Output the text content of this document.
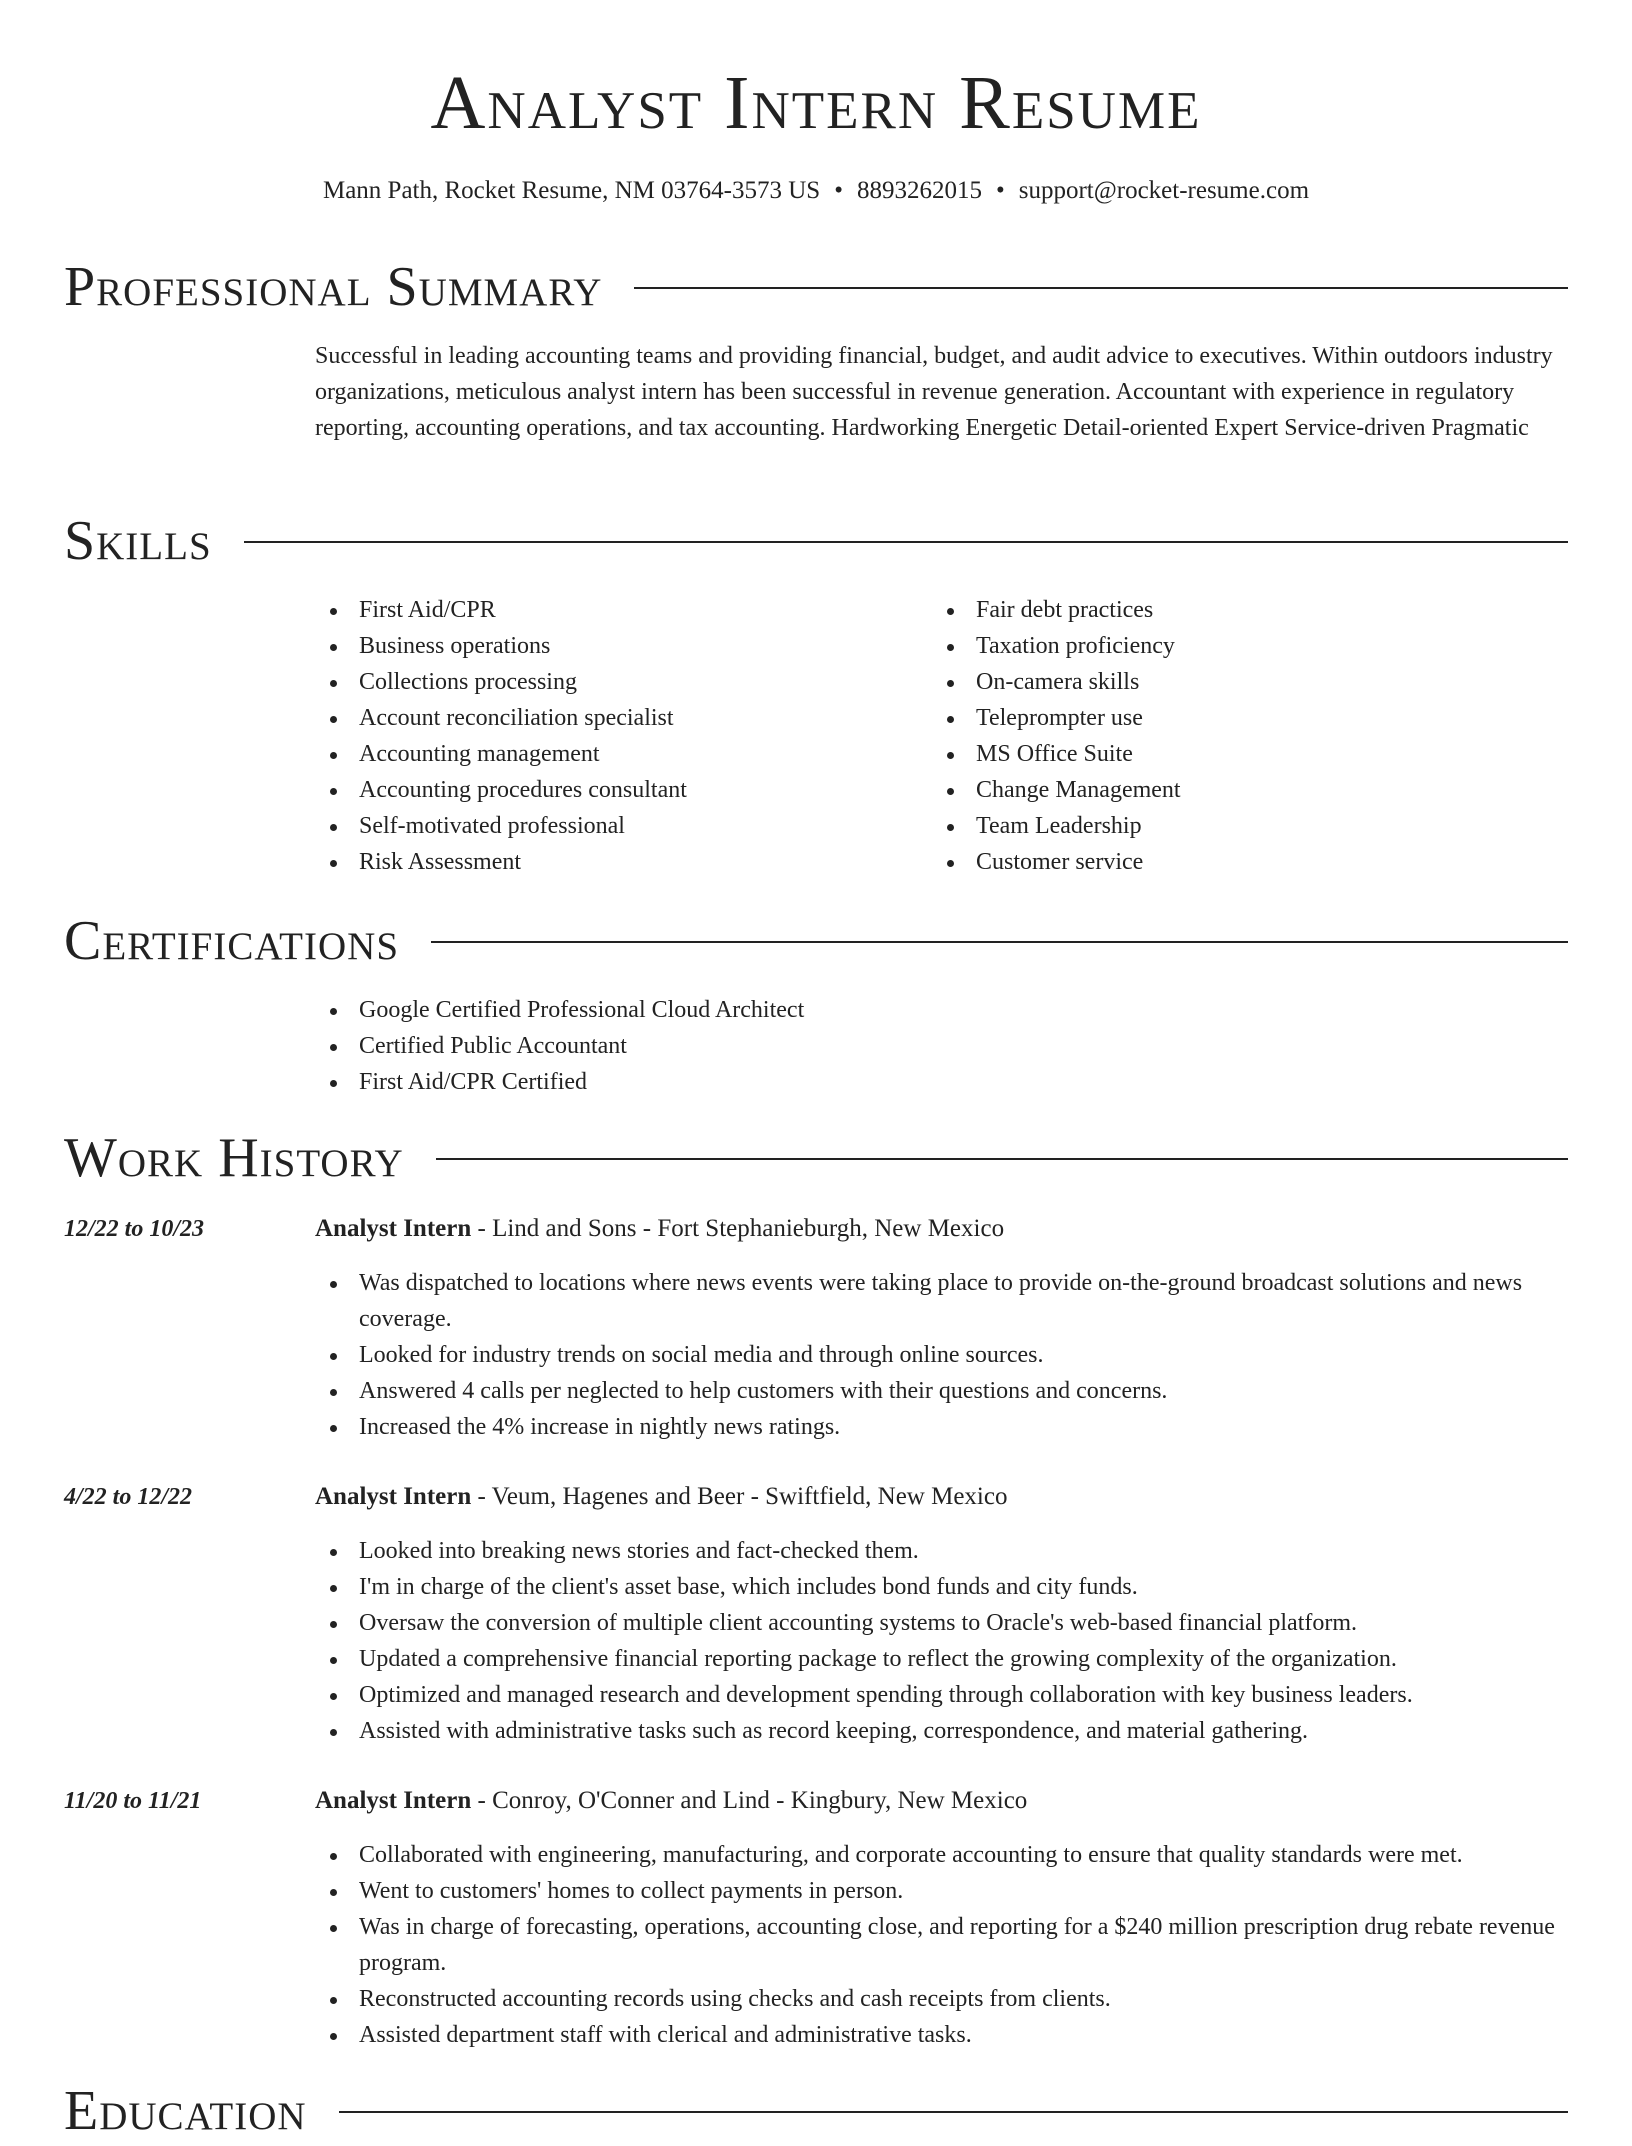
Analyst Intern Resume
Mann Path, Rocket Resume, NM 03764-3573 US • 8893262015 • support@rocket-resume.com
Professional Summary

Successful in leading accounting teams and providing financial, budget, and audit advice to executives. Within outdoors industry organizations, meticulous analyst intern has been successful in revenue generation. Accountant with experience in regulatory reporting, accounting operations, and tax accounting. Hardworking Energetic Detail-oriented Expert Service-driven Pragmatic

Skills
First Aid/CPR
Business operations
Collections processing
Account reconciliation specialist
Accounting management
Accounting procedures consultant
Self-motivated professional
Risk Assessment
Fair debt practices
Taxation proficiency
On-camera skills
Teleprompter use
MS Office Suite
Change Management
Team Leadership
Customer service
Certifications
Google Certified Professional Cloud Architect
Certified Public Accountant
First Aid/CPR Certified
Work History
12/22 to 10/23	Analyst Intern - Lind and Sons - Fort Stephanieburgh, New Mexico
Was dispatched to locations where news events were taking place to provide on-the-ground broadcast solutions and news coverage.
Looked for industry trends on social media and through online sources.
Answered 4 calls per neglected to help customers with their questions and concerns.
Increased the 4% increase in nightly news ratings.
4/22 to 12/22	Analyst Intern - Veum, Hagenes and Beer - Swiftfield, New Mexico
Looked into breaking news stories and fact-checked them.
I'm in charge of the client's asset base, which includes bond funds and city funds.
Oversaw the conversion of multiple client accounting systems to Oracle's web-based financial platform.
Updated a comprehensive financial reporting package to reflect the growing complexity of the organization.
Optimized and managed research and development spending through collaboration with key business leaders.
Assisted with administrative tasks such as record keeping, correspondence, and material gathering.
11/20 to 11/21	Analyst Intern - Conroy, O'Conner and Lind - Kingbury, New Mexico
Collaborated with engineering, manufacturing, and corporate accounting to ensure that quality standards were met.
Went to customers' homes to collect payments in person.
Was in charge of forecasting, operations, accounting close, and reporting for a $240 million prescription drug rebate revenue program.
Reconstructed accounting records using checks and cash receipts from clients.
Assisted department staff with clerical and administrative tasks.
Education
